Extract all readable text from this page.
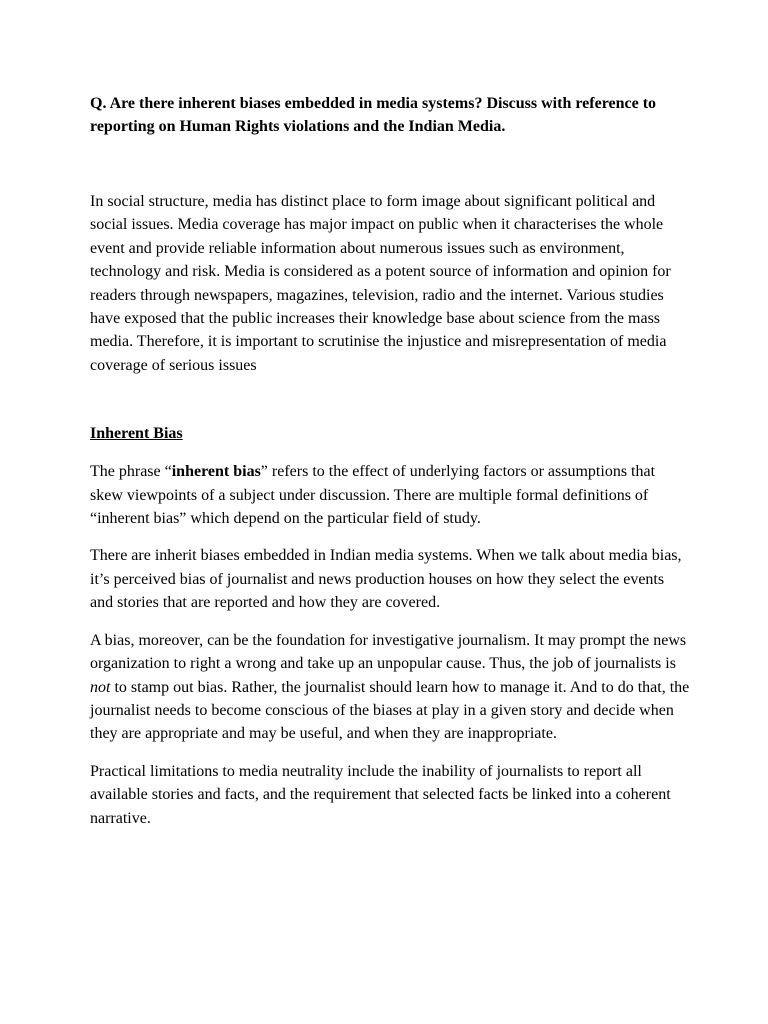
Q. Are there inherent biases embedded in media systems? Discuss with reference to reporting on Human Rights violations and the Indian Media.

In social structure, media has distinct place to form image about significant political and social issues. Media coverage has major impact on public when it characterises the whole event and provide reliable information about numerous issues such as environment, technology and risk. Media is considered as a potent source of information and opinion for readers through newspapers, magazines, television, radio and the internet. Various studies have exposed that the public increases their knowledge base about science from the mass media. Therefore, it is important to scrutinise the injustice and misrepresentation of media coverage of serious issues

Inherent Bias

The phrase “inherent bias” refers to the effect of underlying factors or assumptions that skew viewpoints of a subject under discussion. There are multiple formal definitions of “inherent bias” which depend on the particular field of study.

There are inherit biases embedded in Indian media systems. When we talk about media bias, it’s perceived bias of journalist and news production houses on how they select the events and stories that are reported and how they are covered.

A bias, moreover, can be the foundation for investigative journalism. It may prompt the news organization to right a wrong and take up an unpopular cause. Thus, the job of journalists is not to stamp out bias. Rather, the journalist should learn how to manage it. And to do that, the journalist needs to become conscious of the biases at play in a given story and decide when they are appropriate and may be useful, and when they are inappropriate.

Practical limitations to media neutrality include the inability of journalists to report all available stories and facts, and the requirement that selected facts be linked into a coherent narrative.
